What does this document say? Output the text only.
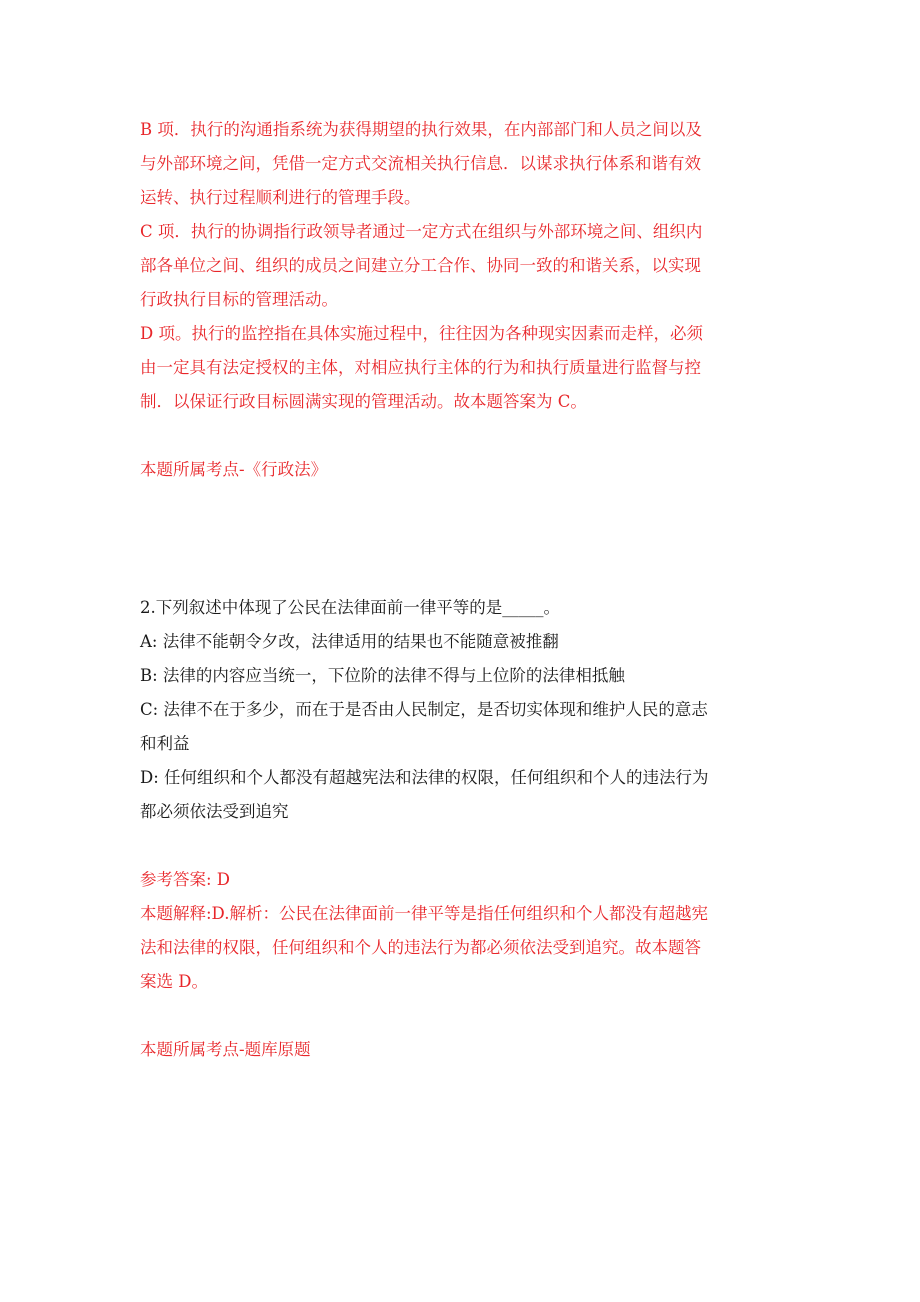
B 项．执行的沟通指系统为获得期望的执行效果，在内部部门和人员之间以及

与外部环境之间，凭借一定方式交流相关执行信息．以谋求执行体系和谐有效

运转、执行过程顺利进行的管理手段。

C 项．执行的协调指行政领导者通过一定方式在组织与外部环境之间、组织内

部各单位之间、组织的成员之间建立分工合作、协同一致的和谐关系，以实现

行政执行目标的管理活动。

D 项。执行的监控指在具体实施过程中，往往因为各种现实因素而走样，必须

由一定具有法定授权的主体，对相应执行主体的行为和执行质量进行监督与控

制．以保证行政目标圆满实现的管理活动。故本题答案为 C。

本题所属考点-《行政法》

2.下列叙述中体现了公民在法律面前一律平等的是_____。

A: 法律不能朝令夕改，法律适用的结果也不能随意被推翻

B: 法律的内容应当统一，下位阶的法律不得与上位阶的法律相抵触

C: 法律不在于多少，而在于是否由人民制定，是否切实体现和维护人民的意志

和利益

D: 任何组织和个人都没有超越宪法和法律的权限，任何组织和个人的违法行为

都必须依法受到追究

参考答案: D

本题解释:D.解析：公民在法律面前一律平等是指任何组织和个人都没有超越宪

法和法律的权限，任何组织和个人的违法行为都必须依法受到追究。故本题答

案选 D。

本题所属考点-题库原题
